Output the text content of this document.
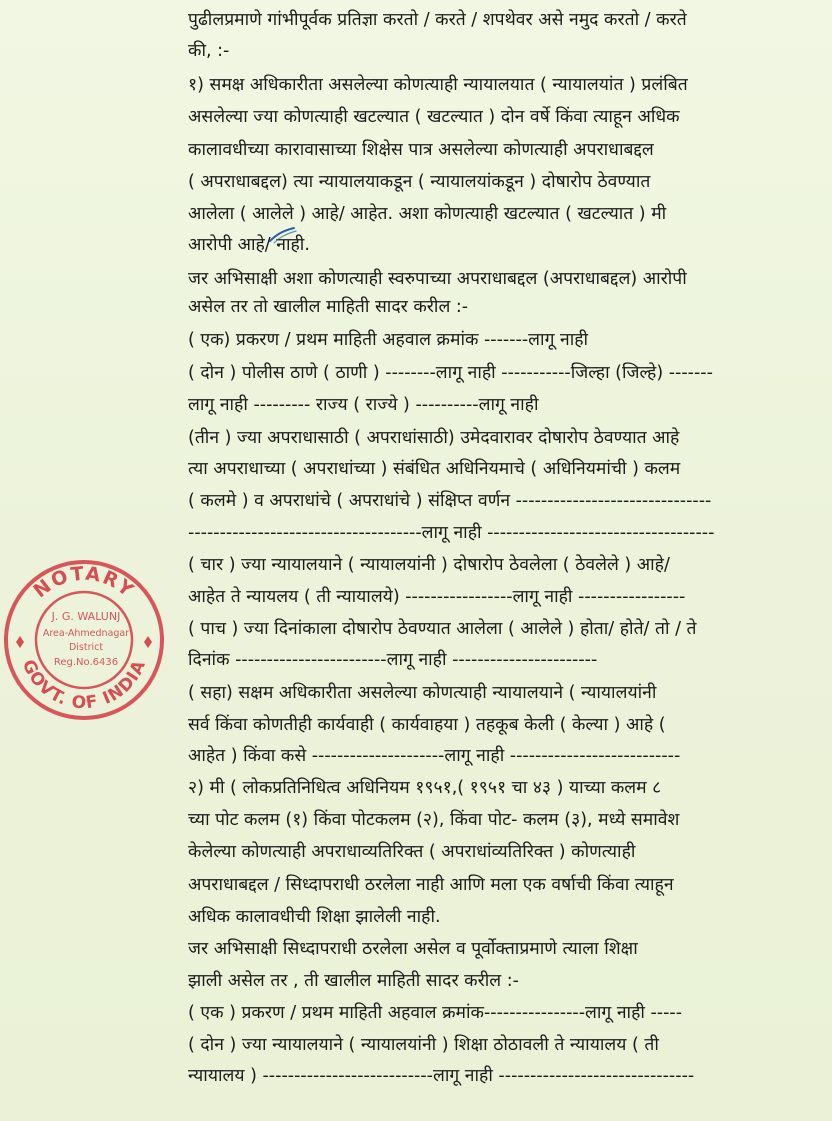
पुढीलप्रमाणे गांभीपूर्वक प्रतिज्ञा करतो / करते / शपथेवर असे नमुद करतो / करते
की, :-
१) समक्ष अधिकारीता असलेल्या कोणत्याही न्यायालयात ( न्यायालयांत ) प्रलंबित
असलेल्या ज्या कोणत्याही खटल्यात ( खटल्यात ) दोन वर्षे किंवा त्याहून अधिक
कालावधीच्या कारावासाच्या शिक्षेस पात्र असलेल्या कोणत्याही अपराधाबद्दल
( अपराधाबद्दल) त्या न्यायालयाकडून ( न्यायालयांकडून ) दोषारोप ठेवण्यात
आलेला ( आलेले ) आहे/ आहेत. अशा कोणत्याही खटल्यात ( खटल्यात ) मी
आरोपी आहे/ नाही.
जर अभिसाक्षी अशा कोणत्याही स्वरुपाच्या अपराधाबद्दल (अपराधाबद्दल) आरोपी
असेल तर तो खालील माहिती सादर करील :-
( एक) प्रकरण / प्रथम माहिती अहवाल क्रमांक -------लागू नाही
( दोन ) पोलीस ठाणे ( ठाणी ) --------लागू नाही -----------जिल्हा (जिल्हे) -------
लागू नाही --------- राज्य ( राज्ये ) ----------लागू नाही
(तीन ) ज्या अपराधासाठी ( अपराधांसाठी) उमेदवारावर दोषारोप ठेवण्यात आहे
त्या अपराधाच्या ( अपराधांच्या ) संबंधित अधिनियमाचे ( अधिनियमांची ) कलम
( कलमे ) व अपराधांचे ( अपराधांचे ) संक्षिप्त वर्णन -------------------------------
-------------------------------------लागू नाही ------------------------------------
( चार ) ज्या न्यायालयाने ( न्यायालयांनी ) दोषारोप ठेवलेला ( ठेवलेले ) आहे/
आहेत ते न्यायलय ( ती न्यायालये) -----------------लागू नाही -----------------
( पाच ) ज्या दिनांकाला दोषारोप ठेवण्यात आलेला ( आलेले ) होता/ होते/ तो / ते
दिनांक ------------------------लागू नाही -----------------------
( सहा) सक्षम अधिकारीता असलेल्या कोणत्याही न्यायालयाने ( न्यायालयांनी
सर्व किंवा कोणतीही कार्यवाही ( कार्यवाहया ) तहकूब केली ( केल्या ) आहे (
आहेत ) किंवा कसे ---------------------लागू नाही ---------------------------
२) मी ( लोकप्रतिनिधित्व अधिनियम १९५१,( १९५१ चा ४३ ) याच्या कलम ८
च्या पोट कलम (१) किंवा पोटकलम (२), किंवा पोट- कलम (३), मध्ये समावेश
केलेल्या कोणत्याही अपराधाव्यतिरिक्त ( अपराधांव्यतिरिक्त ) कोणत्याही
अपराधाबद्दल / सिध्दापराधी ठरलेला नाही आणि मला एक वर्षाची किंवा त्याहून
अधिक कालावधीची शिक्षा झालेली नाही.
जर अभिसाक्षी सिध्दापराधी ठरलेला असेल व पूर्वोक्ताप्रमाणे त्याला शिक्षा
झाली असेल तर , ती खालील माहिती सादर करील :-
( एक ) प्रकरण / प्रथम माहिती अहवाल क्रमांक----------------लागू नाही -----
( दोन ) ज्या न्यायालयाने ( न्यायालयांनी ) शिक्षा ठोठावली ते न्यायालय ( ती
न्यायालय ) ---------------------------लागू नाही -------------------------------
NOTARY
GOVT. OF INDIA
J. G. WALUNJ
Area-Ahmednagar
District
Reg.No.6436
